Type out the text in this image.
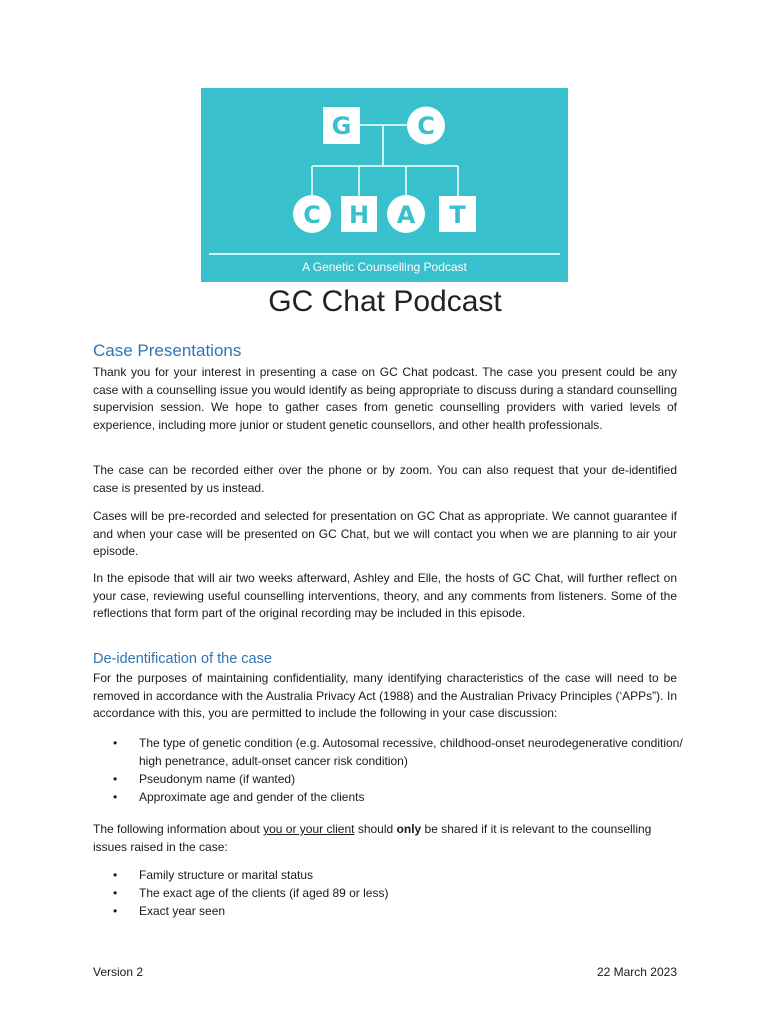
G	C
C H A T
A Genetic Counselling Podcast
GC Chat Podcast
Case Presentations
Thank you for your interest in presenting a case on GC Chat podcast. The case you present could be any case with a counselling issue you would identify as being appropriate to discuss during a standard counselling supervision session. We hope to gather cases from genetic counselling providers with varied levels of experience, including more junior or student genetic counsellors, and other health professionals.
The case can be recorded either over the phone or by zoom. You can also request that your de-identified case is presented by us instead.
Cases will be pre-recorded and selected for presentation on GC Chat as appropriate. We cannot guarantee if and when your case will be presented on GC Chat, but we will contact you when we are planning to air your episode.
In the episode that will air two weeks afterward, Ashley and Elle, the hosts of GC Chat, will further reflect on your case, reviewing useful counselling interventions, theory, and any comments from listeners. Some of the reflections that form part of the original recording may be included in this episode.
De-identification of the case
For the purposes of maintaining confidentiality, many identifying characteristics of the case will need to be removed in accordance with the Australia Privacy Act (1988) and the Australian Privacy Principles (‘APPs”). In accordance with this, you are permitted to include the following in your case discussion:
• The type of genetic condition (e.g. Autosomal recessive, childhood-onset neurodegenerative condition/ high penetrance, adult-onset cancer risk condition)
• Pseudonym name (if wanted)
• Approximate age and gender of the clients
The following information about you or your client should only be shared if it is relevant to the counselling issues raised in the case:
• Family structure or marital status
• The exact age of the clients (if aged 89 or less)
• Exact year seen
Version 2	22 March 2023
